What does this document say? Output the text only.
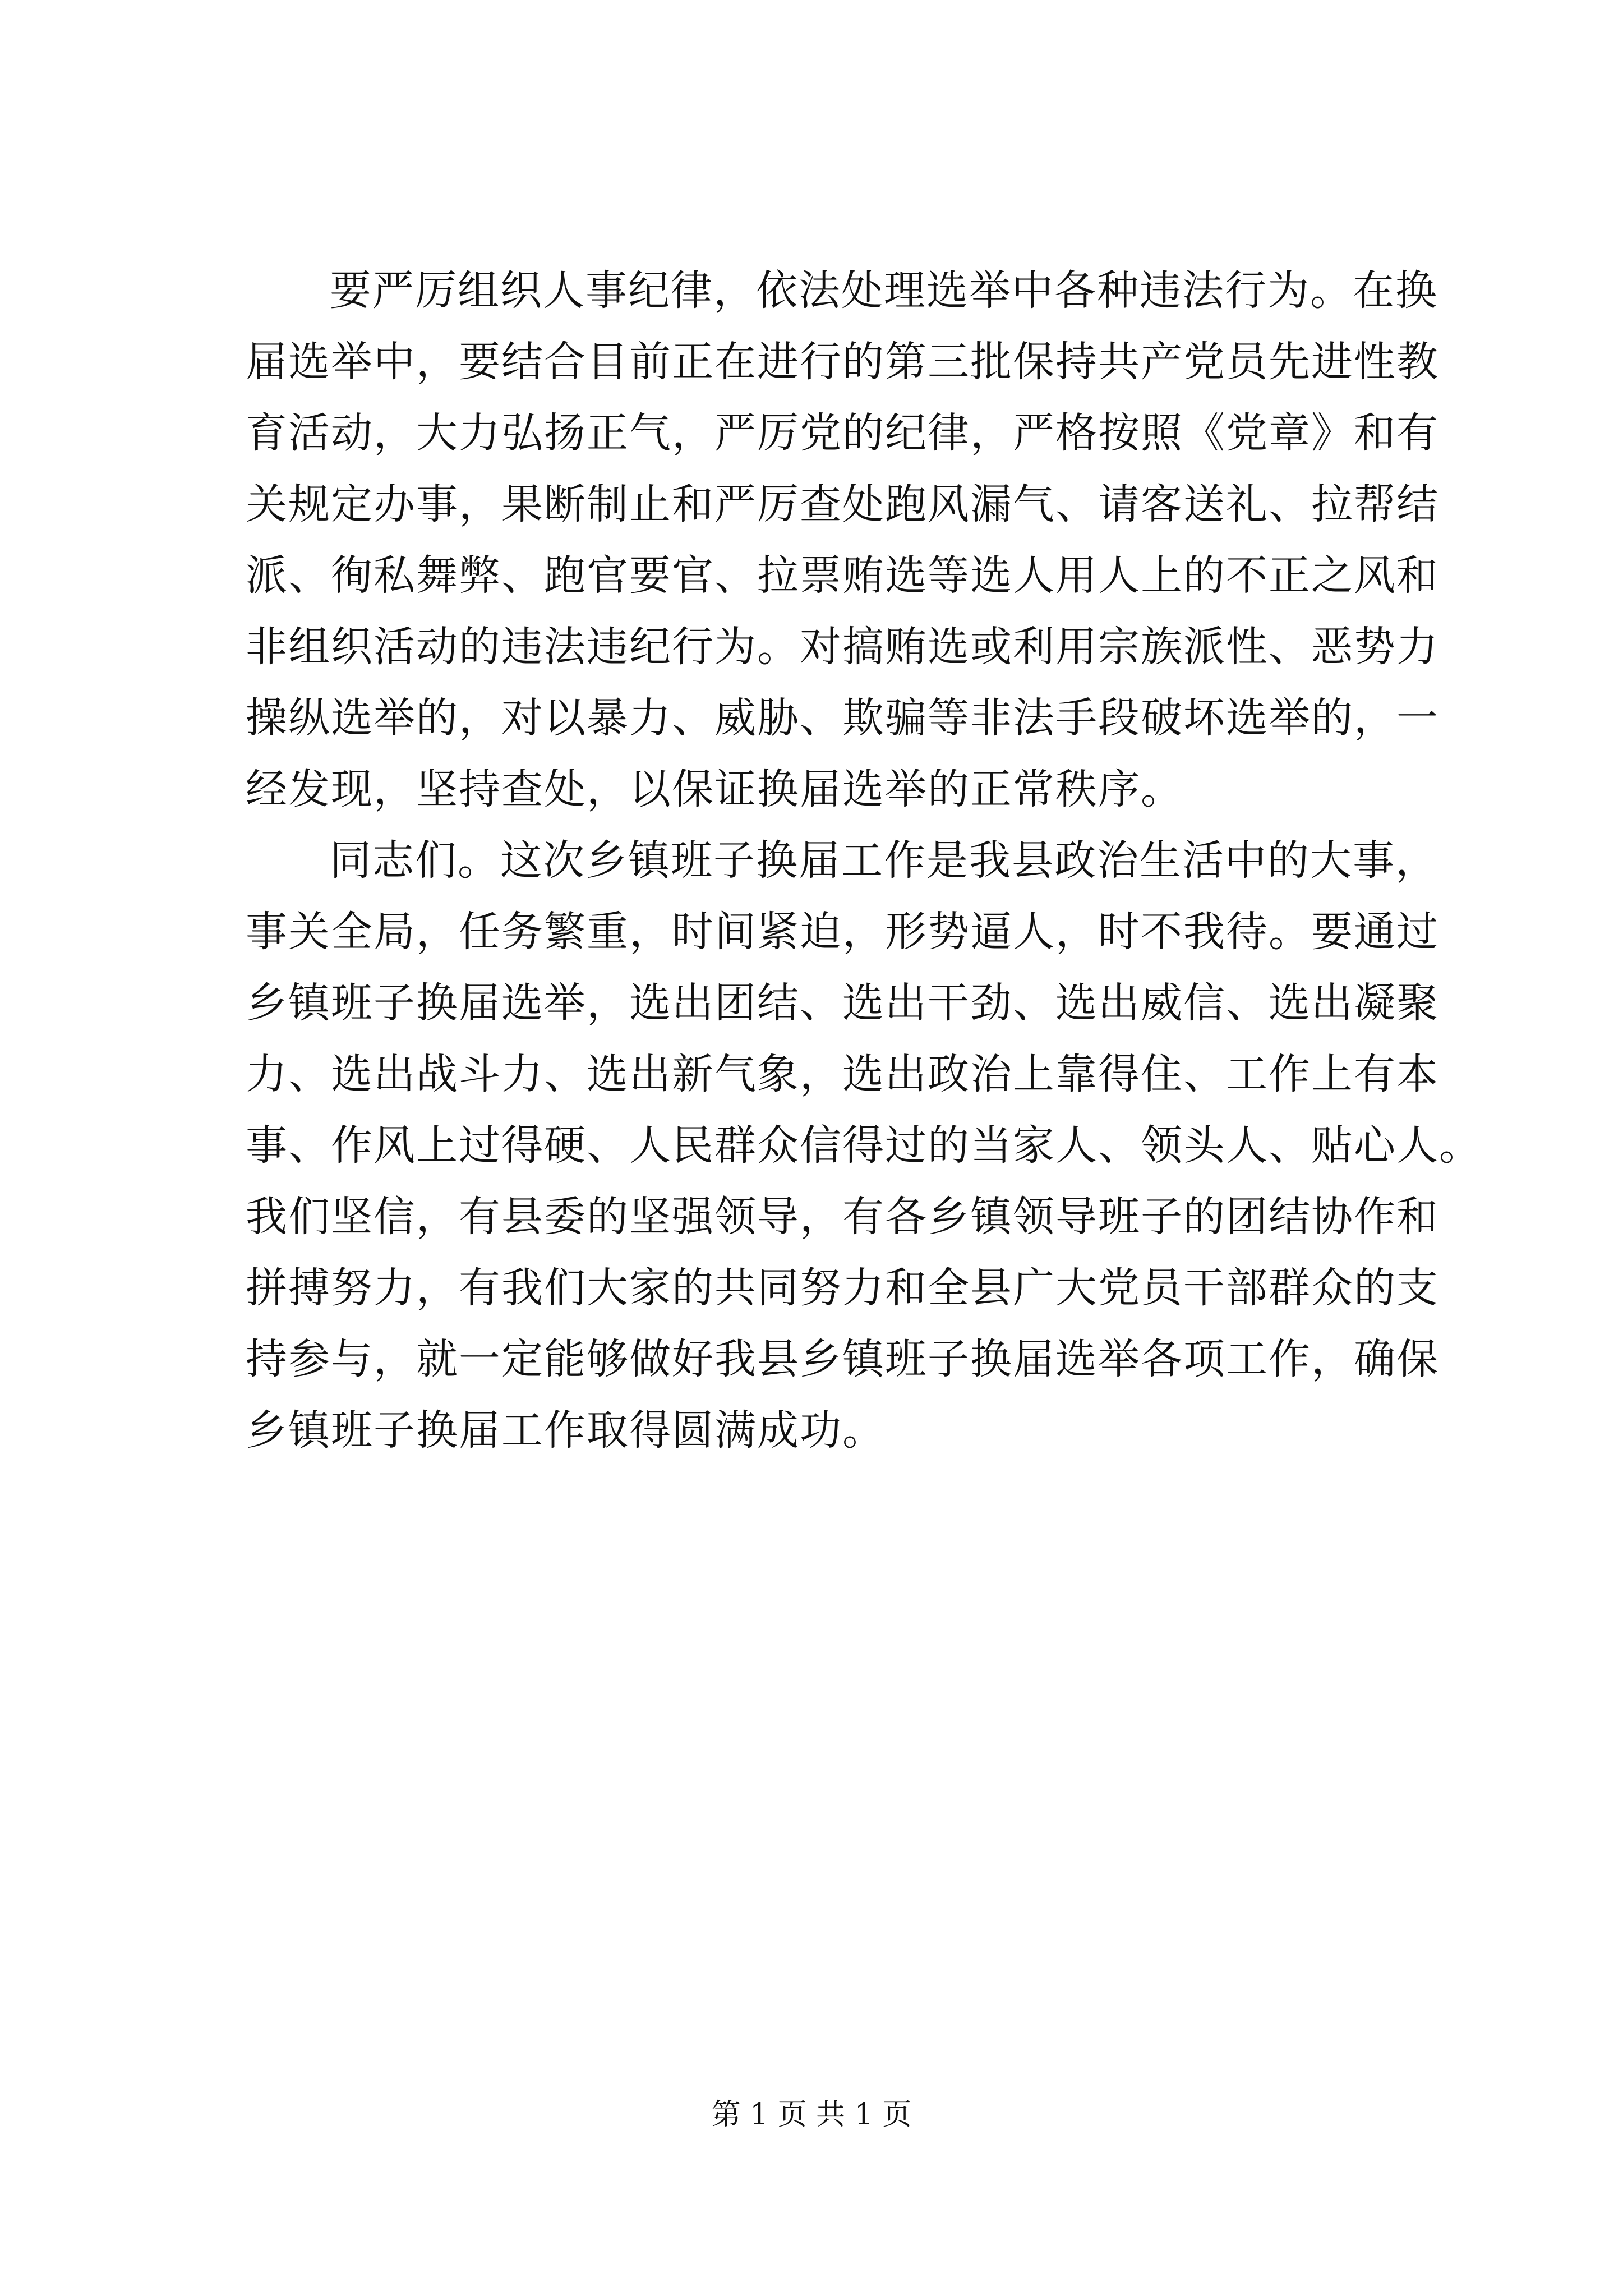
要严厉组织人事纪律，依法处理选举中各种违法行为。在换
届选举中，要结合目前正在进行的第三批保持共产党员先进性教
育活动，大力弘扬正气，严厉党的纪律，严格按照《党章》和有
关规定办事，果断制止和严厉查处跑风漏气、请客送礼、拉帮结
派、徇私舞弊、跑官要官、拉票贿选等选人用人上的不正之风和
非组织活动的违法违纪行为。对搞贿选或利用宗族派性、恶势力
操纵选举的，对以暴力、威胁、欺骗等非法手段破坏选举的，一
经发现，坚持查处，以保证换届选举的正常秩序。
同志们。这次乡镇班子换届工作是我县政治生活中的大事，
事关全局，任务繁重，时间紧迫，形势逼人，时不我待。要通过
乡镇班子换届选举，选出团结、选出干劲、选出威信、选出凝聚
力、选出战斗力、选出新气象，选出政治上靠得住、工作上有本
事、作风上过得硬、人民群众信得过的当家人、领头人、贴心人。
我们坚信，有县委的坚强领导，有各乡镇领导班子的团结协作和
拼搏努力，有我们大家的共同努力和全县广大党员干部群众的支
持参与，就一定能够做好我县乡镇班子换届选举各项工作，确保
乡镇班子换届工作取得圆满成功。
第 1 页 共 1 页
